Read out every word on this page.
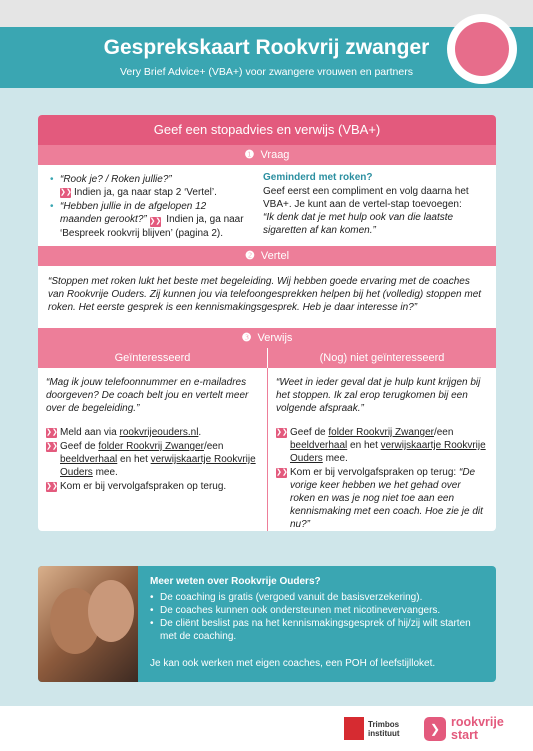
Gesprekskaart Rookvrij zwanger
Very Brief Advice+ (VBA+) voor zwangere vrouwen en partners
Geef een stopadvies en verwijs (VBA+)
❶ Vraag
• “Rook je? / Roken jullie?”
❯❯ Indien ja, ga naar stap 2 ‘Vertel’.
• “Hebben jullie in de afgelopen 12 maanden gerookt?” ❯❯ Indien ja, ga naar ‘Bespreek rookvrij blijven’ (pagina 2).
Geminderd met roken?
Geef eerst een compliment en volg daarna het VBA+. Je kunt aan de vertel-stap toevoegen:
“Ik denk dat je met hulp ook van die laatste sigaretten af kan komen.”
❷ Vertel
“Stoppen met roken lukt het beste met begeleiding. Wij hebben goede ervaring met de coaches van Rookvrije Ouders. Zij kunnen jou via telefoongesprekken helpen bij het (volledig) stoppen met roken. Het eerste gesprek is een kennismakingsgesprek. Heb je daar interesse in?”
❸ Verwijs
Geïnteresseerd	(Nog) niet geïnteresseerd
“Mag ik jouw telefoonnummer en e-mailadres doorgeven? De coach belt jou en vertelt meer over de begeleiding.”
❯❯ Meld aan via rookvrijeouders.nl.
❯❯ Geef de folder Rookvrij Zwanger/een beeldverhaal en het verwijskaartje Rookvrije Ouders mee.
❯❯ Kom er bij vervolgafspraken op terug.
“Weet in ieder geval dat je hulp kunt krijgen bij het stoppen. Ik zal erop terugkomen bij een volgende afspraak.”
❯❯ Geef de folder Rookvrij Zwanger/een beeldverhaal en het verwijskaartje Rookvrije Ouders mee.
❯❯ Kom er bij vervolgafspraken op terug: “De vorige keer hebben we het gehad over roken en was je nog niet toe aan een kennismaking met een coach. Hoe zie je dit nu?”
Meer weten over Rookvrije Ouders?
• De coaching is gratis (vergoed vanuit de basisverzekering).
• De coaches kunnen ook ondersteunen met nicotinevervangers.
• De cliënt beslist pas na het kennismakingsgesprek of hij/zij wilt starten met de coaching.
Je kan ook werken met eigen coaches, een POH of leefstijlloket.
Trimbos
instituut	❯ rookvrije
start
